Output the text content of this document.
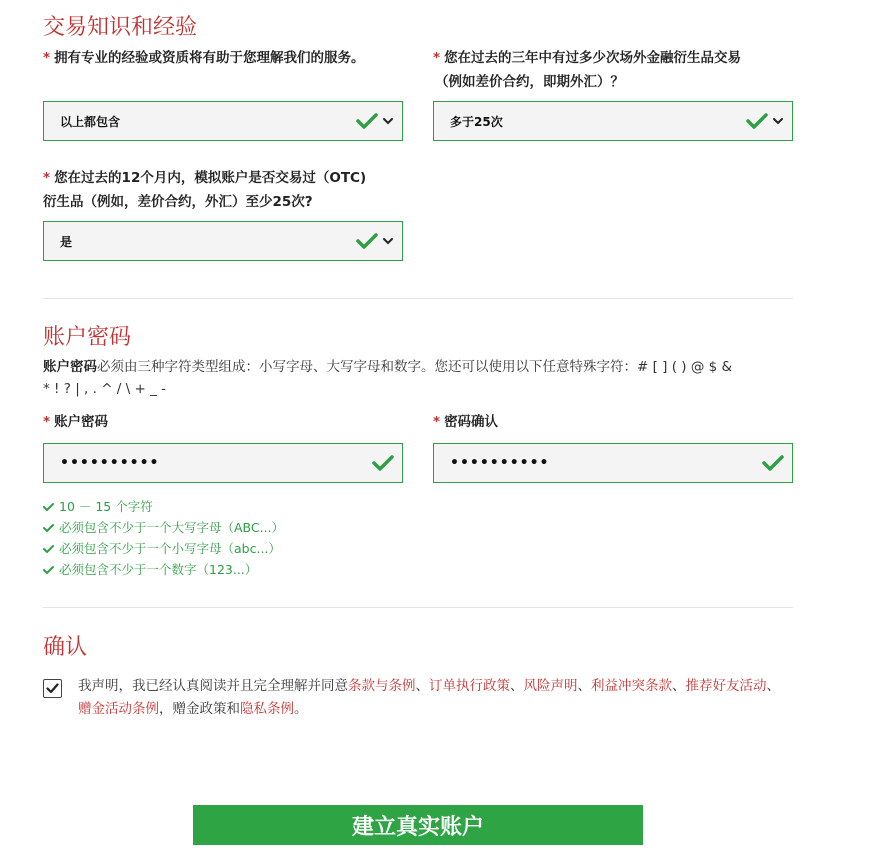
交易知识和经验
* 拥有专业的经验或资质将有助于您理解我们的服务。	* 您在过去的三年中有过多少次场外金融衍生品交易
（例如差价合约，即期外汇）？
以上都包含	多于25次
* 您在过去的12个月内，模拟账户是否交易过（OTC)
衍生品（例如，差价合约，外汇）至少25次?
是
账户密码
账户密码必须由三种字符类型组成：小写字母、大写字母和数字。您还可以使用以下任意特殊字符：# [ ] ( ) @ $ &
* ! ? | , . ^ / \ + _ -
* 账户密码	* 密码确认
••••••••••	••••••••••
10 － 15 个字符
必须包含不少于一个大写字母（ABC...）
必须包含不少于一个小写字母（abc...）
必须包含不少于一个数字（123...）
确认
我声明，我已经认真阅读并且完全理解并同意条款与条例、订单执行政策、风险声明、利益冲突条款、推荐好友活动、赠金活动条例，赠金政策和隐私条例。
建立真实账户
